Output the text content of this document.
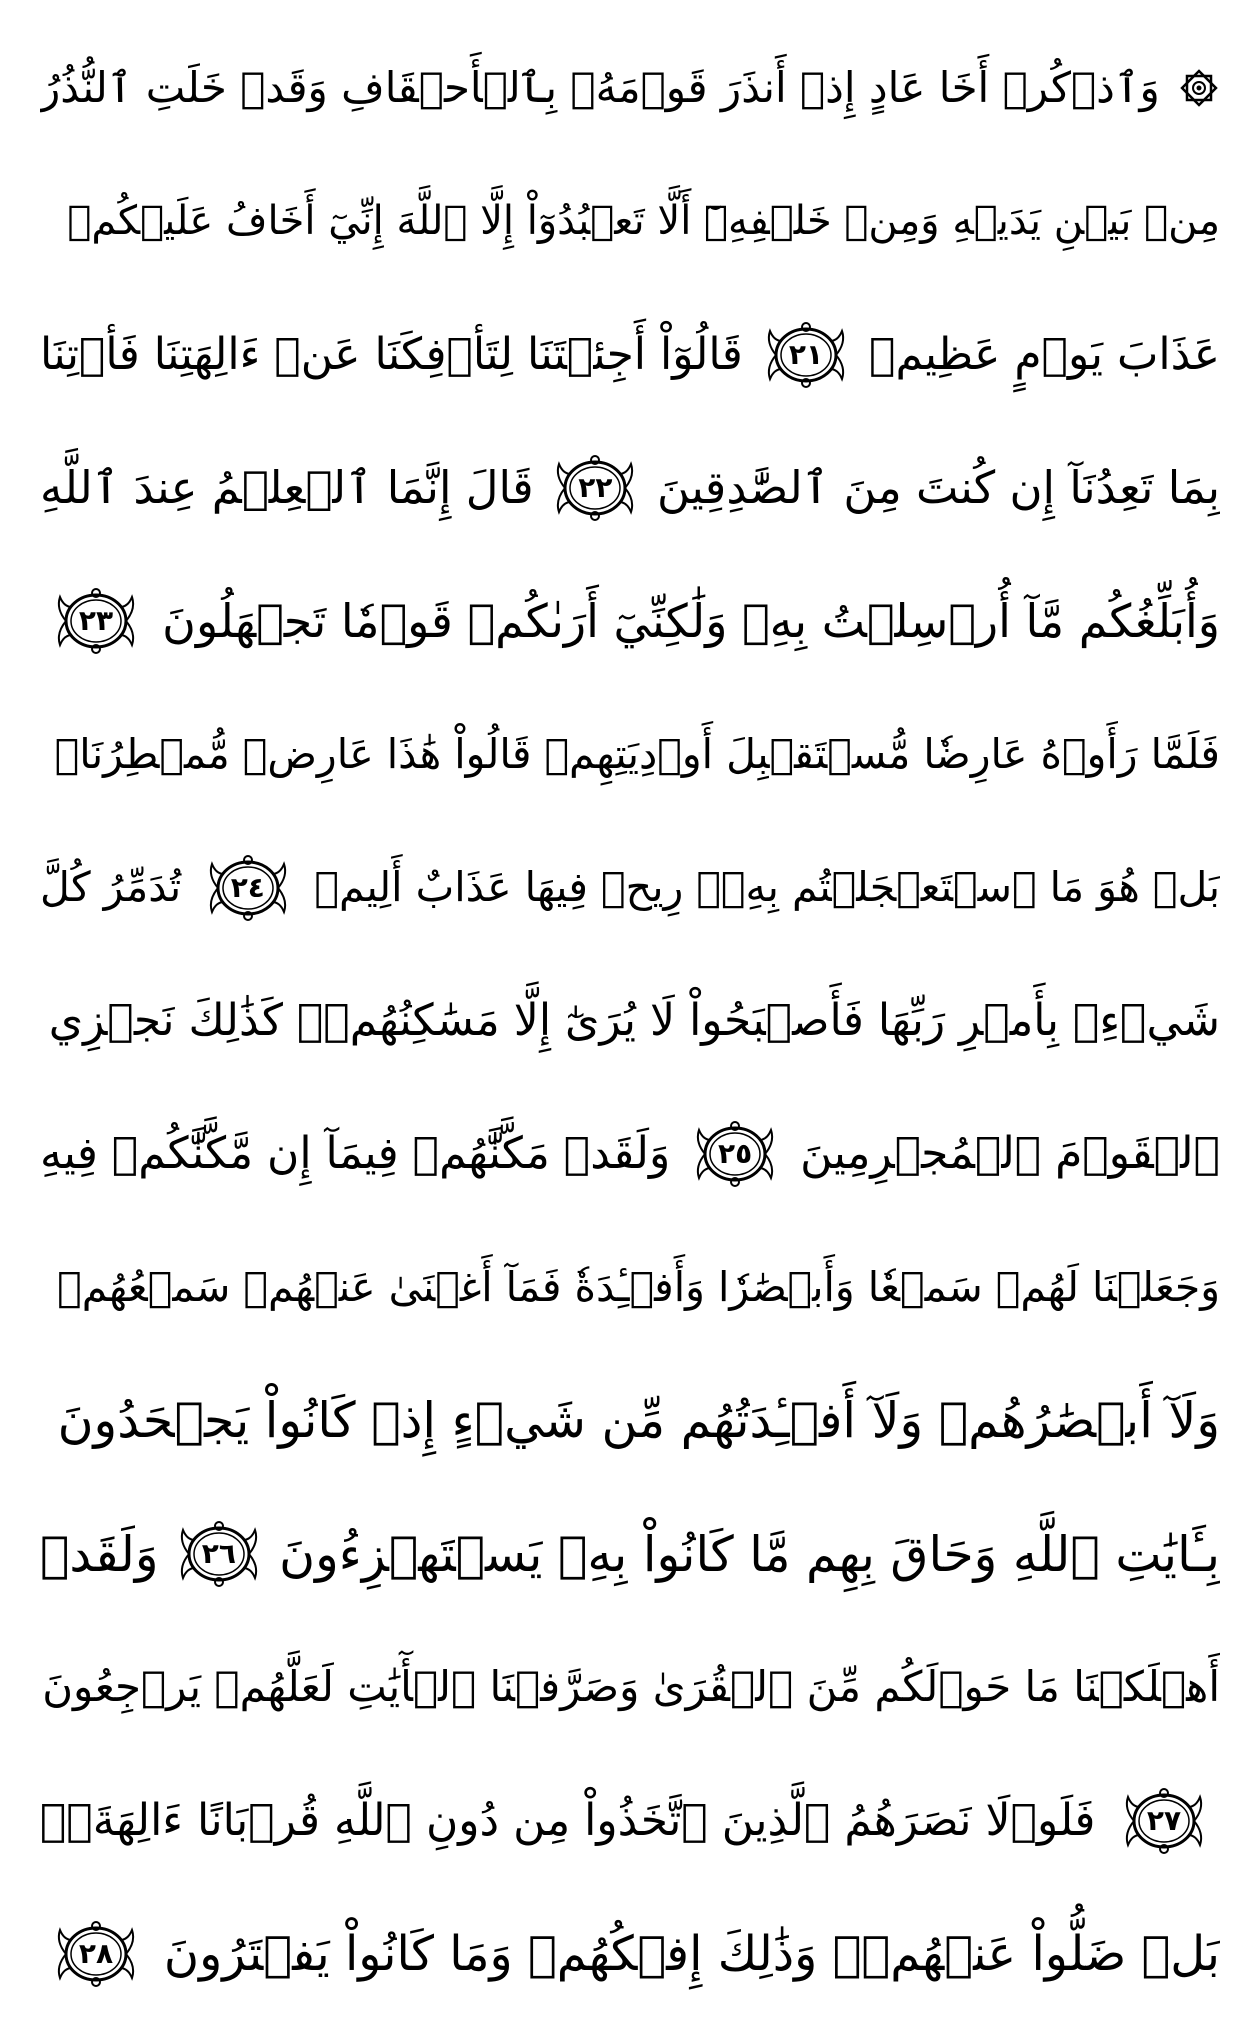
وَٱذۡكُرۡ أَخَا عَادٍ إِذۡ أَنذَرَ قَوۡمَهُۥ بِٱلۡأَحۡقَافِ وَقَدۡ خَلَتِ ٱلنُّذُرُ
مِنۢ بَيۡنِ يَدَيۡهِ وَمِنۡ خَلۡفِهِۦٓ أَلَّا تَعۡبُدُوٓاْ إِلَّا ٱللَّهَ إِنِّيٓ أَخَافُ عَلَيۡكُمۡ
عَذَابَ يَوۡمٍ عَظِيمٖ
٢١
قَالُوٓاْ أَجِئۡتَنَا لِتَأۡفِكَنَا عَنۡ ءَالِهَتِنَا فَأۡتِنَا
بِمَا تَعِدُنَآ إِن كُنتَ مِنَ ٱلصَّٰدِقِينَ
٢٢
قَالَ إِنَّمَا ٱلۡعِلۡمُ عِندَ ٱللَّهِ
وَأُبَلِّغُكُم مَّآ أُرۡسِلۡتُ بِهِۦ وَلَٰكِنِّيٓ أَرَىٰكُمۡ قَوۡمٗا تَجۡهَلُونَ
٢٣
فَلَمَّا رَأَوۡهُ عَارِضٗا مُّسۡتَقۡبِلَ أَوۡدِيَتِهِمۡ قَالُواْ هَٰذَا عَارِضٞ مُّمۡطِرُنَاۚ
بَلۡ هُوَ مَا ٱسۡتَعۡجَلۡتُم بِهِۦۖ رِيحٞ فِيهَا عَذَابٌ أَلِيمٞ
٢٤
تُدَمِّرُ كُلَّ
شَيۡءِۭ بِأَمۡرِ رَبِّهَا فَأَصۡبَحُواْ لَا يُرَىٰٓ إِلَّا مَسَٰكِنُهُمۡۚ كَذَٰلِكَ نَجۡزِي
ٱلۡقَوۡمَ ٱلۡمُجۡرِمِينَ
٢٥
وَلَقَدۡ مَكَّنَّٰهُمۡ فِيمَآ إِن مَّكَّنَّٰكُمۡ فِيهِ
وَجَعَلۡنَا لَهُمۡ سَمۡعٗا وَأَبۡصَٰرٗا وَأَفۡـِٔدَةٗ فَمَآ أَغۡنَىٰ عَنۡهُمۡ سَمۡعُهُمۡ
وَلَآ أَبۡصَٰرُهُمۡ وَلَآ أَفۡـِٔدَتُهُم مِّن شَيۡءٍ إِذۡ كَانُواْ يَجۡحَدُونَ
بِـَٔايَٰتِ ٱللَّهِ وَحَاقَ بِهِم مَّا كَانُواْ بِهِۦ يَسۡتَهۡزِءُونَ
٢٦
وَلَقَدۡ
أَهۡلَكۡنَا مَا حَوۡلَكُم مِّنَ ٱلۡقُرَىٰ وَصَرَّفۡنَا ٱلۡأٓيَٰتِ لَعَلَّهُمۡ يَرۡجِعُونَ
٢٧
فَلَوۡلَا نَصَرَهُمُ ٱلَّذِينَ ٱتَّخَذُواْ مِن دُونِ ٱللَّهِ قُرۡبَانًا ءَالِهَةَۢۖ
بَلۡ ضَلُّواْ عَنۡهُمۡۚ وَذَٰلِكَ إِفۡكُهُمۡ وَمَا كَانُواْ يَفۡتَرُونَ
٢٨
